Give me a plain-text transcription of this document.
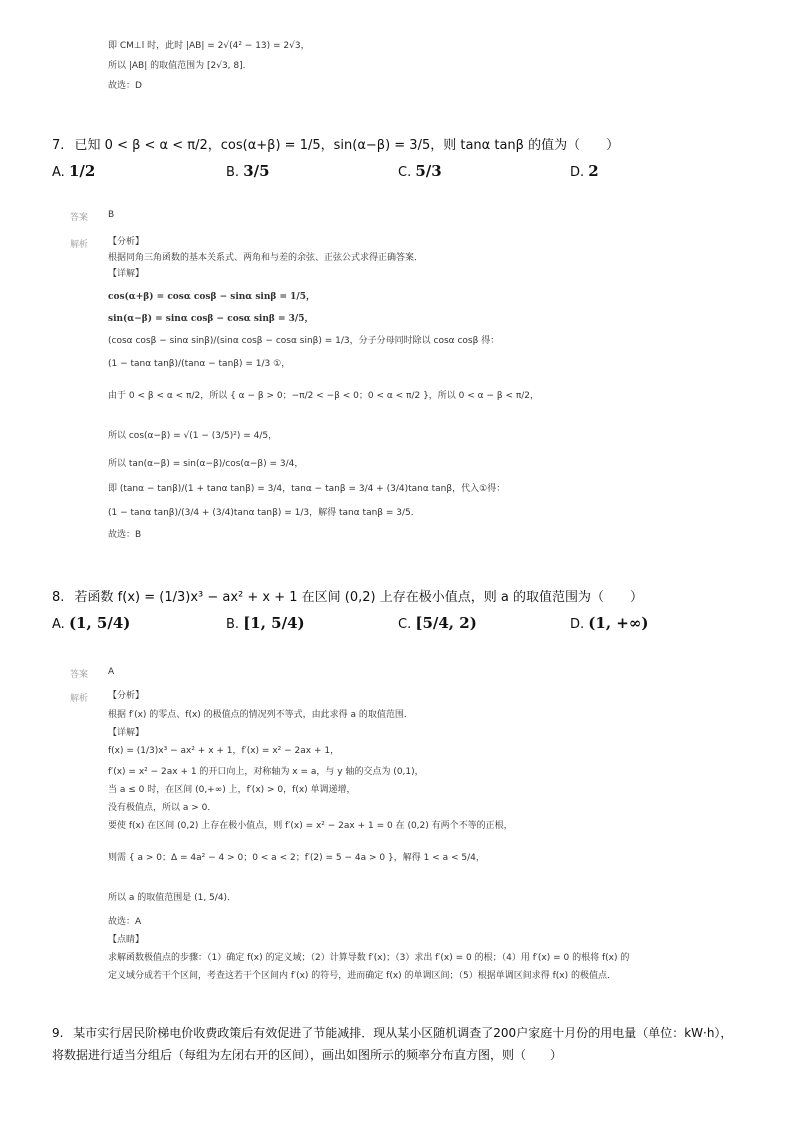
即 CM⊥l 时，此时 |AB| = 2√(4² − 13) = 2√3，
所以 |AB| 的取值范围为 [2√3, 8]．
故选：D
7. 已知 0 < β < α < π/2，cos(α+β) = 1/5，sin(α−β) = 3/5，则 tanα tanβ 的值为（　　）
A. 1/2	B. 3/5	C. 5/3	D. 2
答案 B
解析 【分析】
根据同角三角函数的基本关系式、两角和与差的余弦、正弦公式求得正确答案．
【详解】
cos(α+β) = cosα cosβ − sinα sinβ = 1/5，
sin(α−β) = sinα cosβ − cosα sinβ = 3/5，
(cosα cosβ − sinα sinβ)/(sinα cosβ − cosα sinβ) = 1/3，分子分母同时除以 cosα cosβ 得：
(1 − tanα tanβ)/(tanα − tanβ) = 1/3 ①，
由于 0 < β < α < π/2，所以 { α − β > 0；−π/2 < −β < 0；0 < α < π/2 }，所以 0 < α − β < π/2，
所以 cos(α−β) = √(1 − (3/5)²) = 4/5，
所以 tan(α−β) = sin(α−β)/cos(α−β) = 3/4，
即 (tanα − tanβ)/(1 + tanα tanβ) = 3/4，tanα − tanβ = 3/4 + (3/4)tanα tanβ，代入①得：
(1 − tanα tanβ)/(3/4 + (3/4)tanα tanβ) = 1/3，解得 tanα tanβ = 3/5．
故选：B
8. 若函数 f(x) = (1/3)x³ − ax² + x + 1 在区间 (0,2) 上存在极小值点，则 a 的取值范围为（　　）
A. (1, 5/4)	B. [1, 5/4)	C. [5/4, 2)	D. (1, +∞)
答案 A
解析 【分析】
根据 f′(x) 的零点、f(x) 的极值点的情况列不等式，由此求得 a 的取值范围．
【详解】
f(x) = (1/3)x³ − ax² + x + 1，f′(x) = x² − 2ax + 1，
f′(x) = x² − 2ax + 1 的开口向上，对称轴为 x = a，与 y 轴的交点为 (0,1)，
当 a ≤ 0 时，在区间 (0,+∞) 上，f′(x) > 0，f(x) 单调递增，
没有极值点，所以 a > 0．
要使 f(x) 在区间 (0,2) 上存在极小值点，则 f′(x) = x² − 2ax + 1 = 0 在 (0,2) 有两个不等的正根，
则需 { a > 0；Δ = 4a² − 4 > 0；0 < a < 2；f′(2) = 5 − 4a > 0 }，解得 1 < a < 5/4，
所以 a 的取值范围是 (1, 5/4)．
故选：A
【点睛】
求解函数极值点的步骤：（1）确定 f(x) 的定义域；（2）计算导数 f′(x)；（3）求出 f′(x) = 0 的根；（4）用 f′(x) = 0 的根将 f(x) 的
定义域分成若干个区间，考查这若干个区间内 f′(x) 的符号，进而确定 f(x) 的单调区间；（5）根据单调区间求得 f(x) 的极值点．
9. 某市实行居民阶梯电价收费政策后有效促进了节能减排．现从某小区随机调查了200户家庭十月份的用电量（单位：kW·h），
将数据进行适当分组后（每组为左闭右开的区间），画出如图所示的频率分布直方图，则（　　）
